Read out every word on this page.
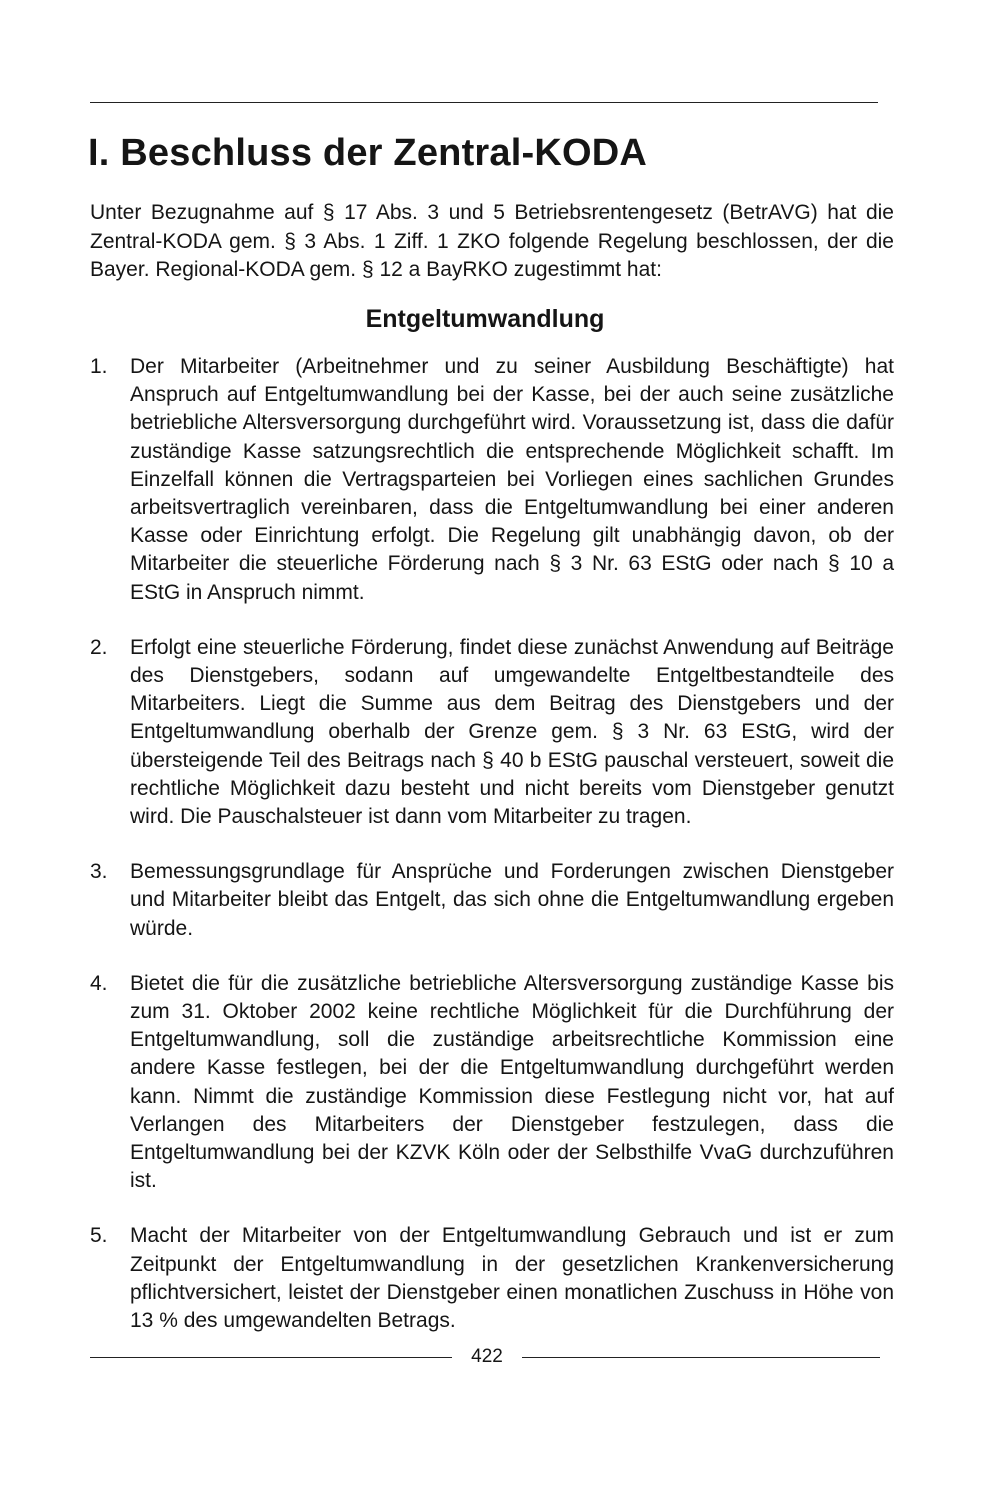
I. Beschluss der Zentral-KODA

Unter Bezugnahme auf § 17 Abs. 3 und 5 Betriebsrentengesetz (BetrAVG) hat die Zentral-KODA gem. § 3 Abs. 1 Ziff. 1 ZKO folgende Regelung beschlossen, der die Bayer. Regional-KODA gem. § 12 a BayRKO zugestimmt hat:

Entgeltumwandlung
1.	Der Mitarbeiter (Arbeitnehmer und zu seiner Ausbildung Beschäftigte) hat Anspruch auf Entgeltumwandlung bei der Kasse, bei der auch seine zusätzliche betriebliche Altersversorgung durchgeführt wird. Voraussetzung ist, dass die dafür zuständige Kasse satzungsrechtlich die entsprechende Möglichkeit schafft. Im Einzelfall können die Vertragsparteien bei Vorliegen eines sachlichen Grundes arbeitsvertraglich vereinbaren, dass die Entgeltumwandlung bei einer anderen Kasse oder Einrichtung erfolgt. Die Regelung gilt unabhängig davon, ob der Mitarbeiter die steuerliche Förderung nach § 3 Nr. 63 EStG oder nach § 10 a EStG in Anspruch nimmt.
2.	Erfolgt eine steuerliche Förderung, findet diese zunächst Anwendung auf Beiträge des Dienstgebers, sodann auf umgewandelte Entgeltbestandteile des Mitarbeiters. Liegt die Summe aus dem Beitrag des Dienstgebers und der Entgeltumwandlung oberhalb der Grenze gem. § 3 Nr. 63 EStG, wird der übersteigende Teil des Beitrags nach § 40 b EStG pauschal versteuert, soweit die rechtliche Möglichkeit dazu besteht und nicht bereits vom Dienstgeber genutzt wird. Die Pauschalsteuer ist dann vom Mitarbeiter zu tragen.
3.	Bemessungsgrundlage für Ansprüche und Forderungen zwischen Dienstgeber und Mitarbeiter bleibt das Entgelt, das sich ohne die Entgeltumwandlung ergeben würde.
4.	Bietet die für die zusätzliche betriebliche Altersversorgung zuständige Kasse bis zum 31. Oktober 2002 keine rechtliche Möglichkeit für die Durchführung der Entgeltumwandlung, soll die zuständige arbeitsrechtliche Kommission eine andere Kasse festlegen, bei der die Entgeltumwandlung durchgeführt werden kann. Nimmt die zuständige Kommission diese Festlegung nicht vor, hat auf Verlangen des Mitarbeiters der Dienstgeber festzulegen, dass die Entgeltumwandlung bei der KZVK Köln oder der Selbsthilfe VvaG durchzuführen ist.
5.	Macht der Mitarbeiter von der Entgeltumwandlung Gebrauch und ist er zum Zeitpunkt der Entgeltumwandlung in der gesetzlichen Krankenversicherung pflichtversichert, leistet der Dienstgeber einen monatlichen Zuschuss in Höhe von 13 % des umgewandelten Betrags.
422
